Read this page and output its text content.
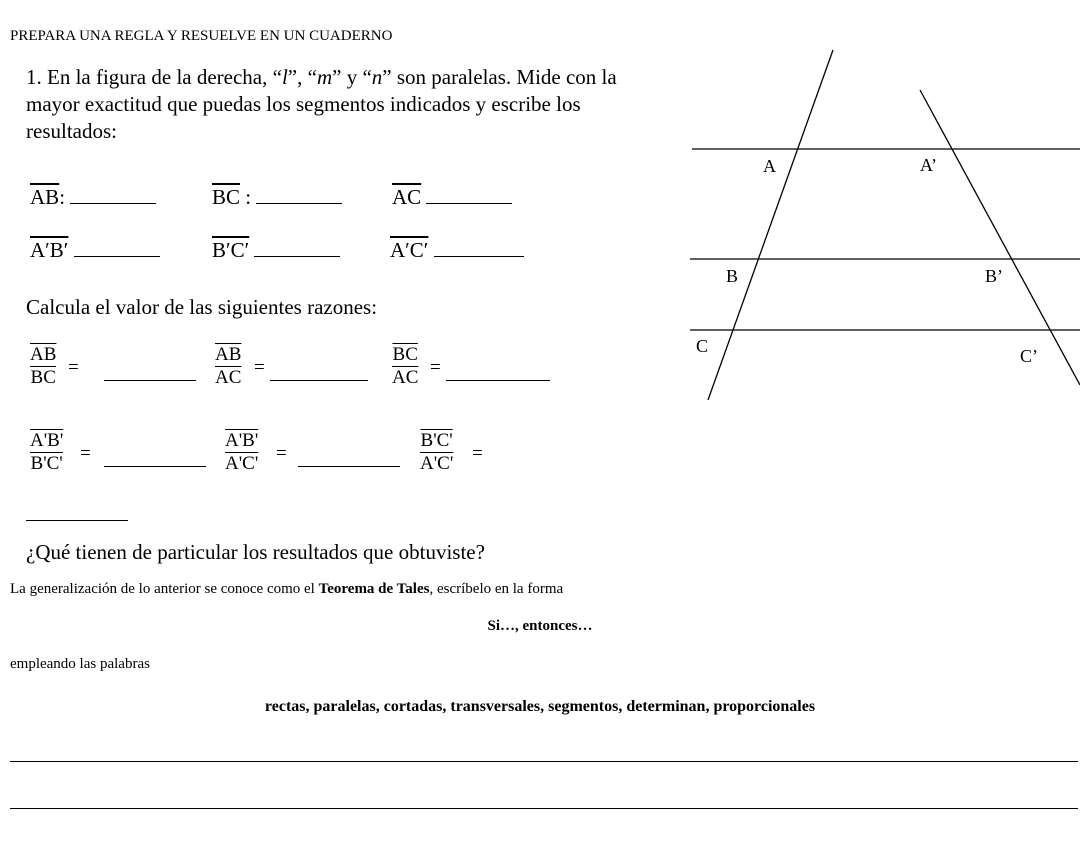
PREPARA UNA REGLA Y RESUELVE EN UN CUADERNO
1. En la figura de la derecha, “l”, “m” y “n” son paralelas. Mide con la mayor exactitud que puedas los segmentos indicados y escribe los resultados:
$\overline{AB}$:	$\overline{BC}$ :	$\overline{AC}$
A′B′	B′C′	A′C′
Calcula el valor de las siguientes razones:
$\frac{\overline{AB}}{BC}$ =	$\frac{\overline{AB}}{AC}$ =	$\frac{\overline{BC}}{AC}$ =
$\frac{A'B'}{B'C'}$ =	$\frac{A'B'}{A'C'}$ =	$\frac{B'C'}{A'C'}$ =
¿Qué tienen de particular los resultados que obtuviste?
La generalización de lo anterior se conoce como el Teorema de Tales, escríbelo en la forma
Si…, entonces…
empleando las palabras
rectas, paralelas, cortadas, transversales, segmentos, determinan, proporcionales
A	A’
B	B’
C	C’
